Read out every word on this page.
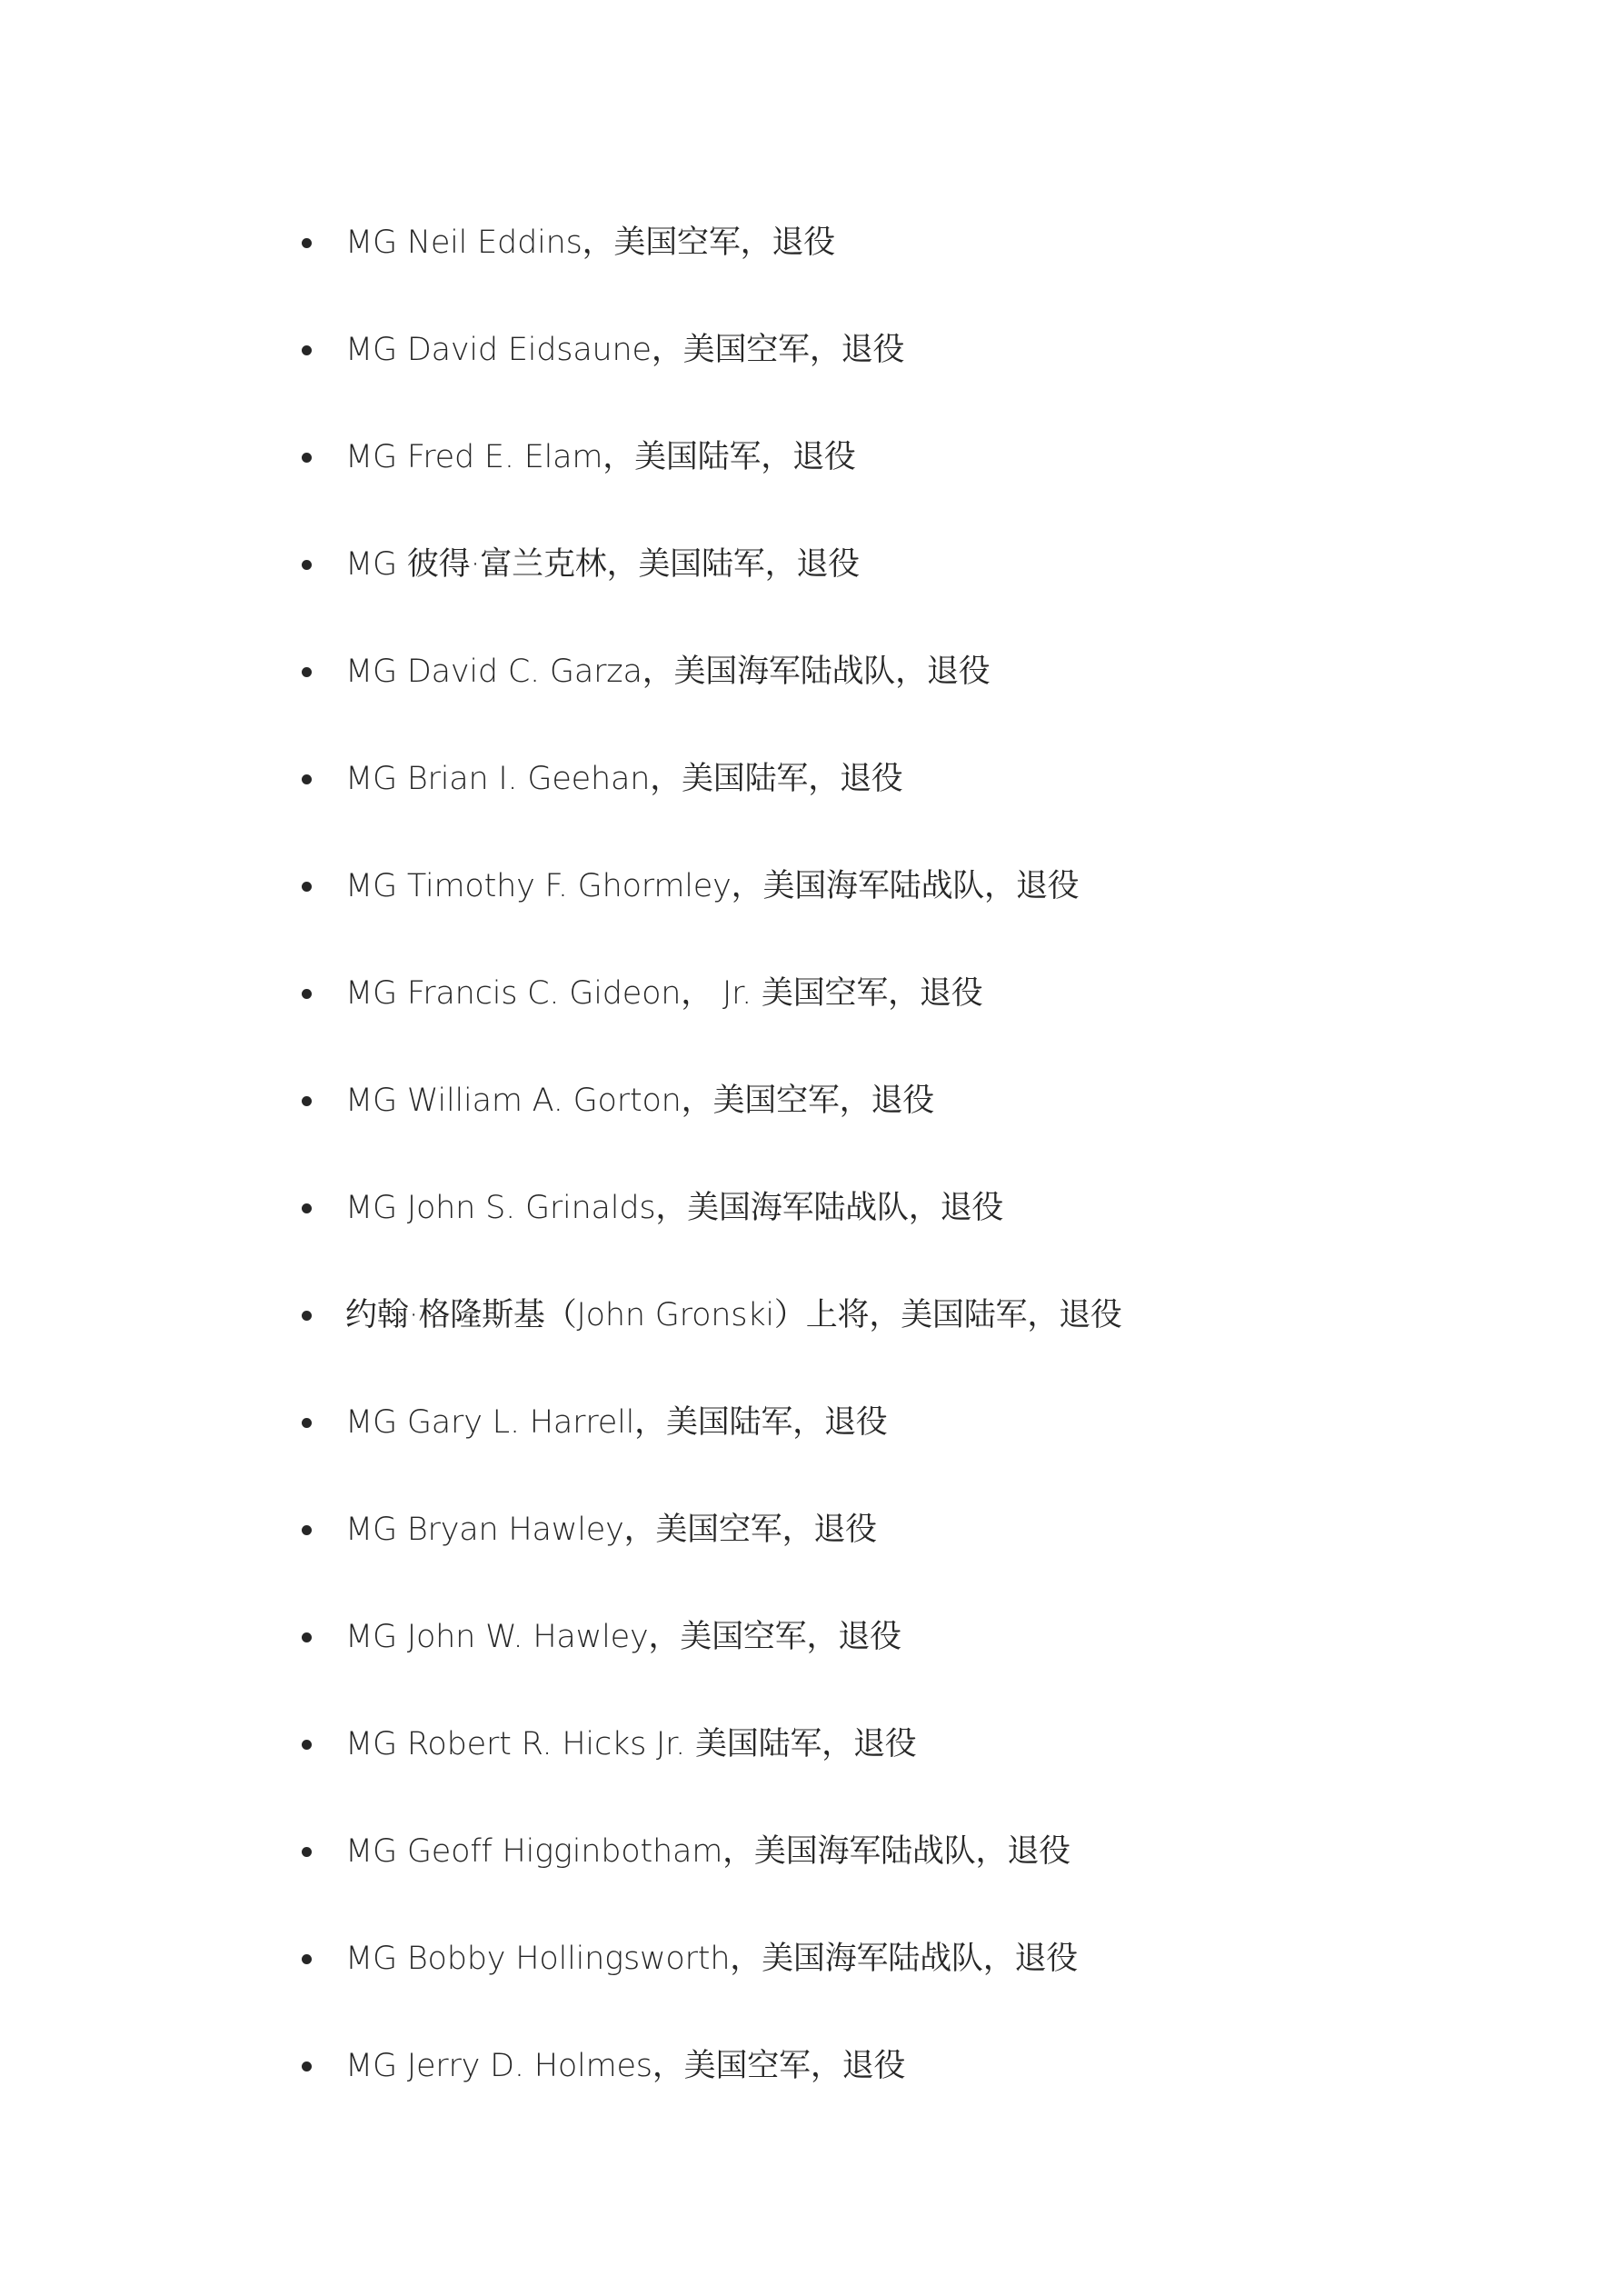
MG Neil Eddins，美国空军，退役
MG David Eidsaune，美国空军，退役
MG Fred E. Elam，美国陆军，退役
MG 彼得·富兰克林，美国陆军，退役
MG David C. Garza，美国海军陆战队，退役
MG Brian I. Geehan，美国陆军，退役
MG Timothy F. Ghormley，美国海军陆战队，退役
MG Francis C. Gideon， Jr. 美国空军，退役
MG William A. Gorton，美国空军，退役
MG John S. Grinalds，美国海军陆战队，退役
约翰·格隆斯基（John Gronski）上将，美国陆军，退役
MG Gary L. Harrell，美国陆军，退役
MG Bryan Hawley，美国空军，退役
MG John W. Hawley，美国空军，退役
MG Robert R. Hicks Jr. 美国陆军，退役
MG Geoff Higginbotham，美国海军陆战队，退役
MG Bobby Hollingsworth，美国海军陆战队，退役
MG Jerry D. Holmes，美国空军，退役
